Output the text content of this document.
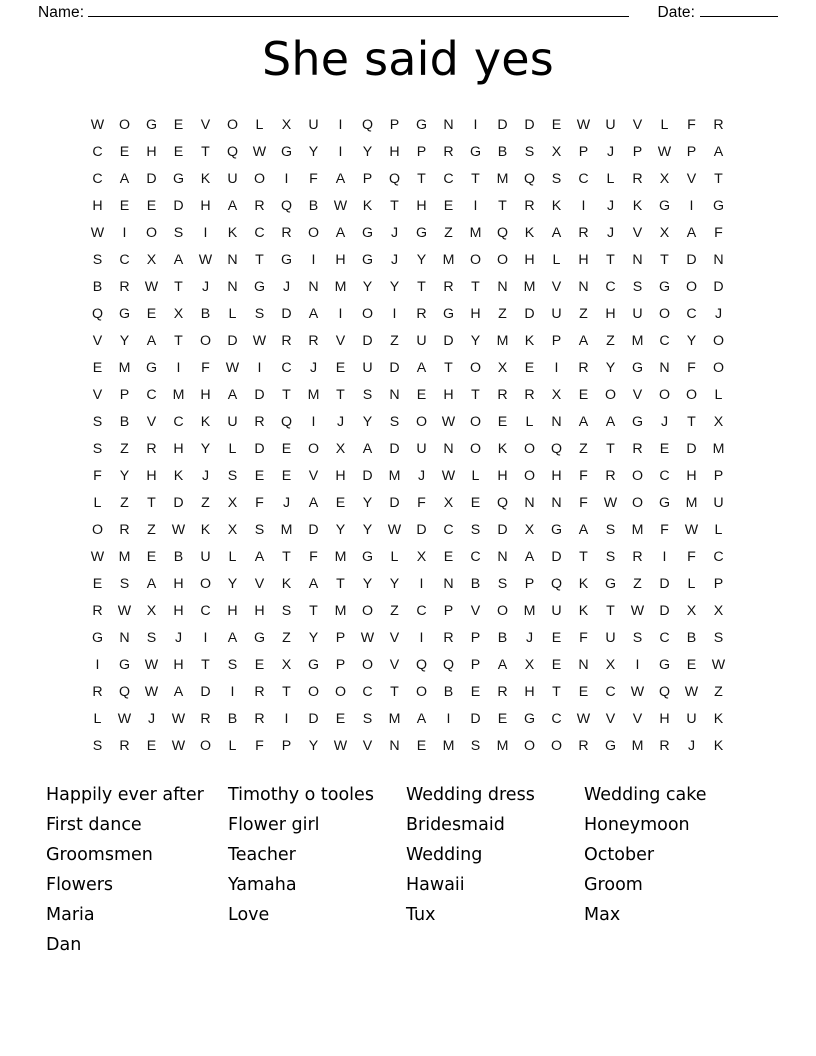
Name:	Date:
She said yes
W	O	G	E	V	O	L	X	U	I	Q	P	G	N	I	D	D	E	W	U	V	L	F	R
C	E	H	E	T	Q	W	G	Y	I	Y	H	P	R	G	B	S	X	P	J	P	W	P	A
C	A	D	G	K	U	O	I	F	A	P	Q	T	C	T	M	Q	S	C	L	R	X	V	T
H	E	E	D	H	A	R	Q	B	W	K	T	H	E	I	T	R	K	I	J	K	G	I	G
W	I	O	S	I	K	C	R	O	A	G	J	G	Z	M	Q	K	A	R	J	V	X	A	F
S	C	X	A	W	N	T	G	I	H	G	J	Y	M	O	O	H	L	H	T	N	T	D	N
B	R	W	T	J	N	G	J	N	M	Y	Y	T	R	T	N	M	V	N	C	S	G	O	D
Q	G	E	X	B	L	S	D	A	I	O	I	R	G	H	Z	D	U	Z	H	U	O	C	J
V	Y	A	T	O	D	W	R	R	V	D	Z	U	D	Y	M	K	P	A	Z	M	C	Y	O
E	M	G	I	F	W	I	C	J	E	U	D	A	T	O	X	E	I	R	Y	G	N	F	O
V	P	C	M	H	A	D	T	M	T	S	N	E	H	T	R	R	X	E	O	V	O	O	L
S	B	V	C	K	U	R	Q	I	J	Y	S	O	W	O	E	L	N	A	A	G	J	T	X
S	Z	R	H	Y	L	D	E	O	X	A	D	U	N	O	K	O	Q	Z	T	R	E	D	M
F	Y	H	K	J	S	E	E	V	H	D	M	J	W	L	H	O	H	F	R	O	C	H	P
L	Z	T	D	Z	X	F	J	A	E	Y	D	F	X	E	Q	N	N	F	W	O	G	M	U
O	R	Z	W	K	X	S	M	D	Y	Y	W	D	C	S	D	X	G	A	S	M	F	W	L
W	M	E	B	U	L	A	T	F	M	G	L	X	E	C	N	A	D	T	S	R	I	F	C
E	S	A	H	O	Y	V	K	A	T	Y	Y	I	N	B	S	P	Q	K	G	Z	D	L	P
R	W	X	H	C	H	H	S	T	M	O	Z	C	P	V	O	M	U	K	T	W	D	X	X
G	N	S	J	I	A	G	Z	Y	P	W	V	I	R	P	B	J	E	F	U	S	C	B	S
I	G	W	H	T	S	E	X	G	P	O	V	Q	Q	P	A	X	E	N	X	I	G	E	W
R	Q	W	A	D	I	R	T	O	O	C	T	O	B	E	R	H	T	E	C	W	Q	W	Z
L	W	J	W	R	B	R	I	D	E	S	M	A	I	D	E	G	C	W	V	V	H	U	K
S	R	E	W	O	L	F	P	Y	W	V	N	E	M	S	M	O	O	R	G	M	R	J	K
Happily ever after	Timothy o tooles	Wedding dress	Wedding cake
First dance	Flower girl	Bridesmaid	Honeymoon
Groomsmen	Teacher	Wedding	October
Flowers	Yamaha	Hawaii	Groom
Maria	Love	Tux	Max
Dan
